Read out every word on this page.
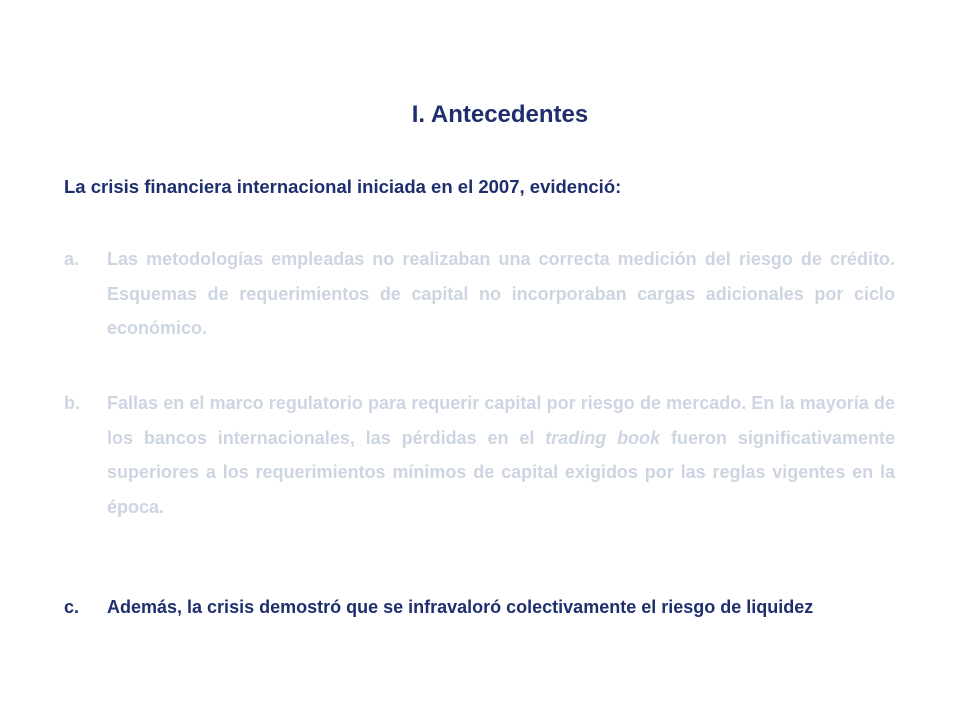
I. Antecedentes
La crisis financiera internacional iniciada en el 2007, evidenció:
a.	Las metodologías empleadas no realizaban una correcta medición del riesgo de crédito. Esquemas de requerimientos de capital no incorporaban cargas adicionales por ciclo económico.
b.	Fallas en el marco regulatorio para requerir capital por riesgo de mercado. En la mayoría de los bancos internacionales, las pérdidas en el trading book fueron significativamente superiores a los requerimientos mínimos de capital exigidos por las reglas vigentes en la época.
c.	Además, la crisis demostró que se infravaloró colectivamente el riesgo de liquidez
